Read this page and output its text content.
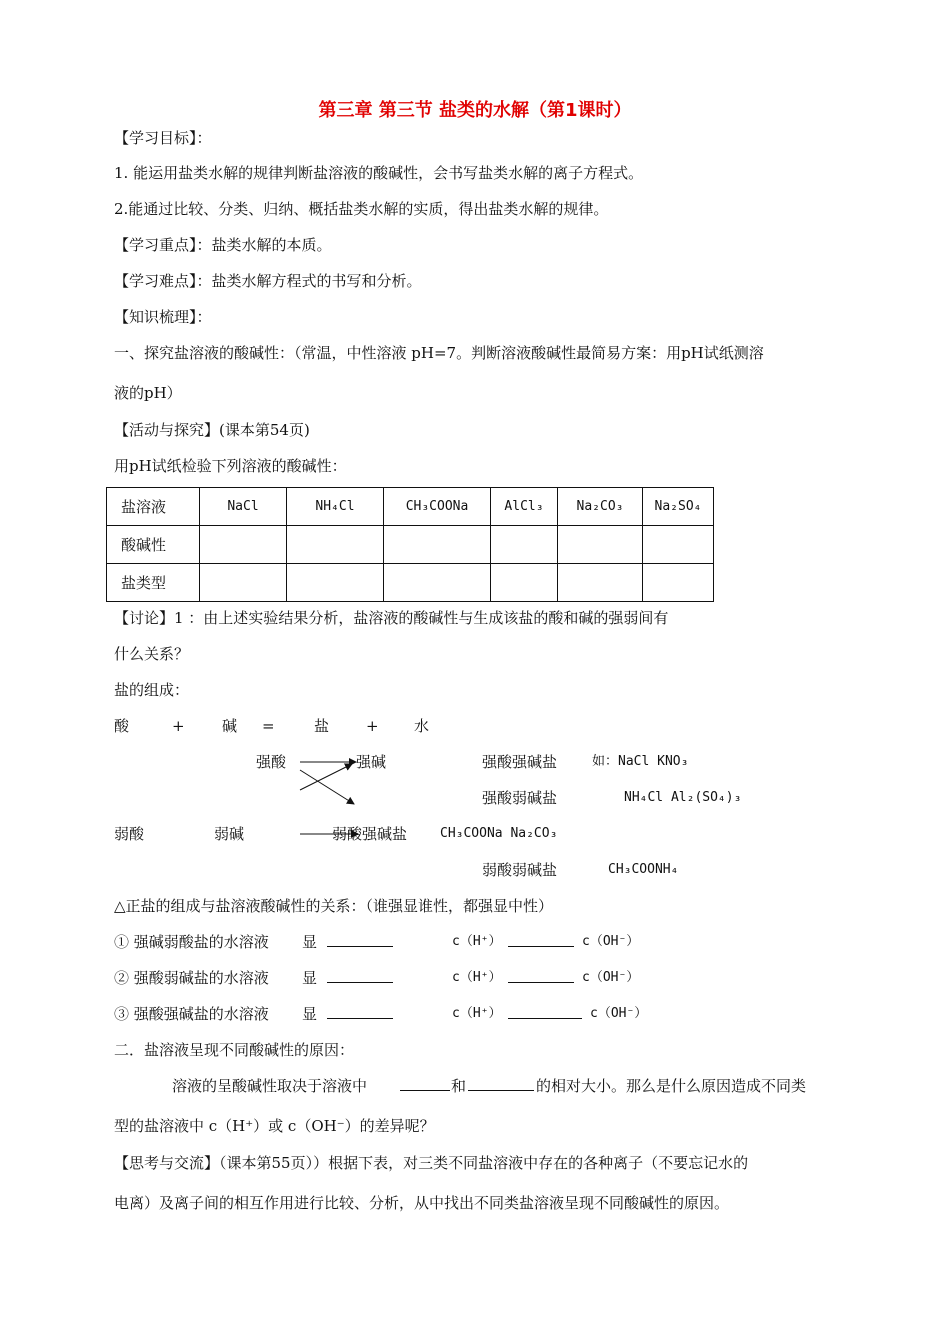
第三章 第三节 盐类的水解（第1课时）
【学习目标】：
1. 能运用盐类水解的规律判断盐溶液的酸碱性，会书写盐类水解的离子方程式。
2.能通过比较、分类、归纳、概括盐类水解的实质，得出盐类水解的规律。
【学习重点】：盐类水解的本质。
【学习难点】：盐类水解方程式的书写和分析。
【知识梳理】：
一、探究盐溶液的酸碱性：（常温，中性溶液 pH=7。判断溶液酸碱性最简易方案：用pH试纸测溶
液的pH）
【活动与探究】(课本第54页)
用pH试纸检验下列溶液的酸碱性：
盐溶液	NaCl	NH₄Cl	CH₃COONa	AlCl₃	Na₂CO₃	Na₂SO₄
酸碱性						
盐类型						
【讨论】1 ：由上述实验结果分析，盐溶液的酸碱性与生成该盐的酸和碱的强弱间有
什么关系？
盐的组成：
酸	+ 碱 =	盐 + 水
强酸	强碱
弱酸	弱碱
强酸强碱盐	如：NaCl KNO₃
强酸弱碱盐	NH₄Cl Al₂(SO₄)₃
弱酸强碱盐	CH₃COONa Na₂CO₃
弱酸弱碱盐	CH₃COONH₄
△正盐的组成与盐溶液酸碱性的关系：（谁强显谁性，都强显中性）
① 强碱弱酸盐的水溶液 显	c（H⁺）	c（OH⁻）
② 强酸弱碱盐的水溶液 显	c（H⁺）	c（OH⁻）
③ 强酸强碱盐的水溶液 显	c（H⁺）	c（OH⁻）
二．盐溶液呈现不同酸碱性的原因：
溶液的呈酸碱性取决于溶液中	和	的相对大小。那么是什么原因造成不同类
型的盐溶液中 c（H⁺）或 c（OH⁻）的差异呢？
【思考与交流】（课本第55页））根据下表，对三类不同盐溶液中存在的各种离子（不要忘记水的
电离）及离子间的相互作用进行比较、分析，从中找出不同类盐溶液呈现不同酸碱性的原因。
